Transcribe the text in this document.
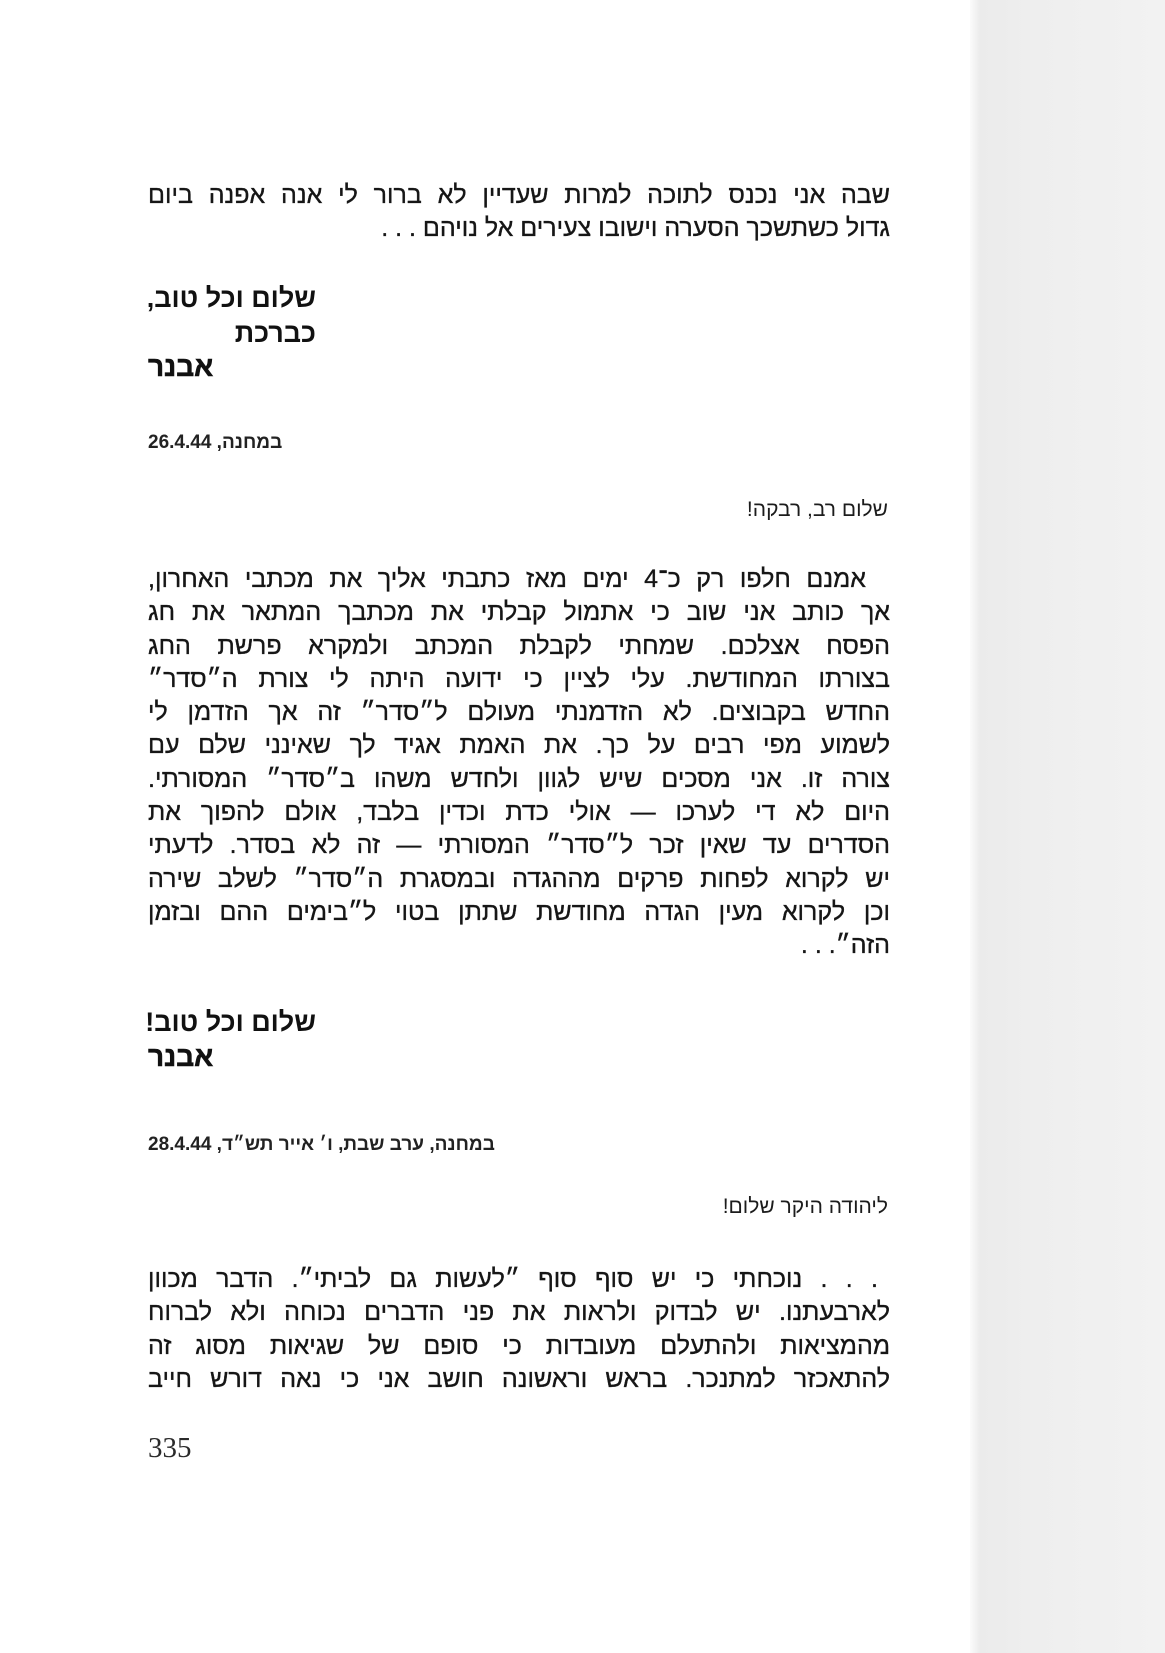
שבה אני נכנס לתוכה למרות שעדיין לא ברור לי אנה אפנה ביום
גדול כשתשכך הסערה וישובו צעירים אל נויהם . . .
שלום וכל טוב,
כברכת
אבנר
במחנה, 26.4.44
שלום רב, רבקה!
אמנם חלפו רק כ־4 ימים מאז כתבתי אליך את מכתבי האחרון,
אך כותב אני שוב כי אתמול קבלתי את מכתבך המתאר את חג
הפסח אצלכם. שמחתי לקבלת המכתב ולמקרא פרשת החג
בצורתו המחודשת. עלי לציין כי ידועה היתה לי צורת ה״סדר״
החדש בקבוצים. לא הזדמנתי מעולם ל״סדר״ זה אך הזדמן לי
לשמוע מפי רבים על כך. את האמת אגיד לך שאינני שלם עם
צורה זו. אני מסכים שיש לגוון ולחדש משהו ב״סדר״ המסורתי.
היום לא די לערכו — אולי כדת וכדין בלבד, אולם להפוך את
הסדרים עד שאין זכר ל״סדר״ המסורתי — זה לא בסדר. לדעתי
יש לקרוא לפחות פרקים מההגדה ובמסגרת ה״סדר״ לשלב שירה
וכן לקרוא מעין הגדה מחודשת שתתן בטוי ל״בימים ההם ובזמן
הזה״. . .
שלום וכל טוב!
אבנר
במחנה, ערב שבת, ו׳ אייר תש״ד, 28.4.44
ליהודה היקר שלום!
. . . נוכחתי כי יש סוף סוף ״לעשות גם לביתי״. הדבר מכוון
לארבעתנו. יש לבדוק ולראות את פני הדברים נכוחה ולא לברוח
מהמציאות ולהתעלם מעובדות כי סופם של שגיאות מסוג זה
להתאכזר למתנכר. בראש וראשונה חושב אני כי נאה דורש חייב
335
